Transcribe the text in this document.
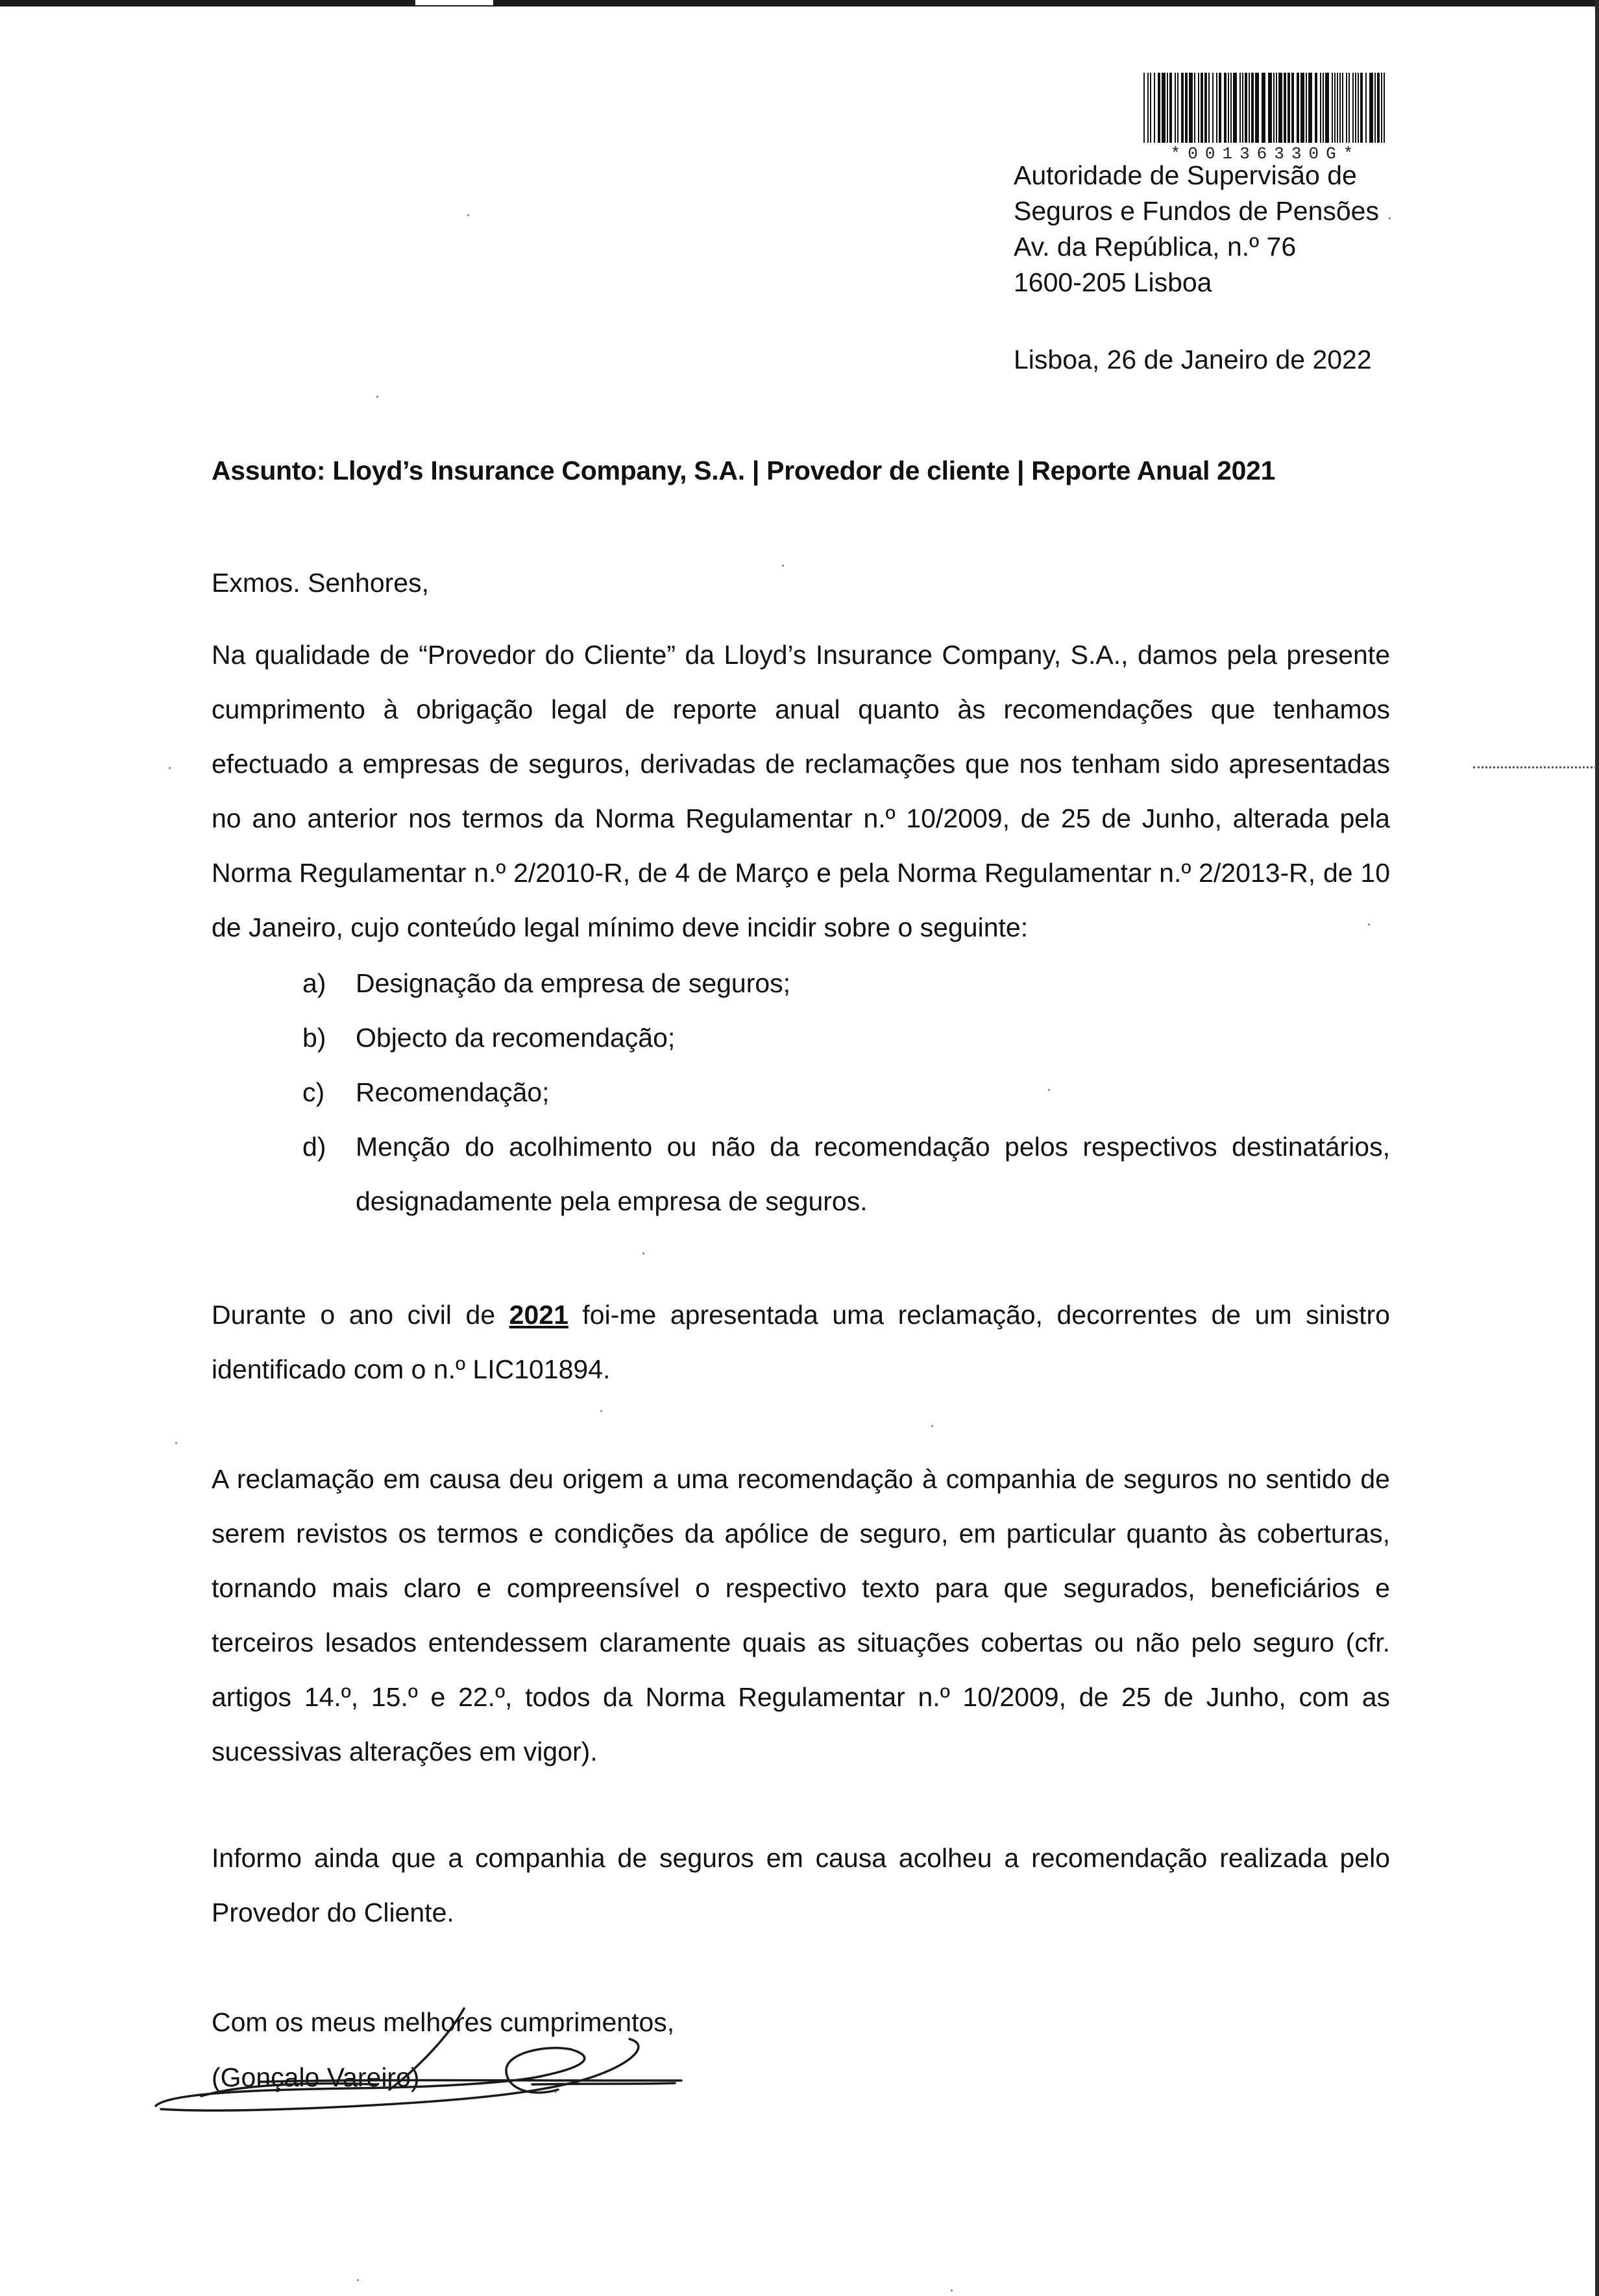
*00136330G*
Autoridade de Supervisão de
Seguros e Fundos de Pensões
Av. da República, n.º 76
1600-205 Lisboa
Lisboa, 26 de Janeiro de 2022
Assunto: Lloyd’s Insurance Company, S.A. | Provedor de cliente | Reporte Anual 2021
Exmos. Senhores,
Na qualidade de “Provedor do Cliente” da Lloyd’s Insurance Company, S.A., damos pela presente cumprimento à obrigação legal de reporte anual quanto às recomendações que tenhamos efectuado a empresas de seguros, derivadas de reclamações que nos tenham sido apresentadas no ano anterior nos termos da Norma Regulamentar n.º 10/2009, de 25 de Junho, alterada pela Norma Regulamentar n.º 2/2010-R, de 4 de Março e pela Norma Regulamentar n.º 2/2013-R, de 10 de Janeiro, cujo conteúdo legal mínimo deve incidir sobre o seguinte:
a) Designação da empresa de seguros;
b) Objecto da recomendação;
c) Recomendação;
d) Menção do acolhimento ou não da recomendação pelos respectivos destinatários, designadamente pela empresa de seguros.
Durante o ano civil de 2021 foi-me apresentada uma reclamação, decorrentes de um sinistro identificado com o n.º LIC101894.
A reclamação em causa deu origem a uma recomendação à companhia de seguros no sentido de serem revistos os termos e condições da apólice de seguro, em particular quanto às coberturas, tornando mais claro e compreensível o respectivo texto para que segurados, beneficiários e terceiros lesados entendessem claramente quais as situações cobertas ou não pelo seguro (cfr. artigos 14.º, 15.º e 22.º, todos da Norma Regulamentar n.º 10/2009, de 25 de Junho, com as sucessivas alterações em vigor).
Informo ainda que a companhia de seguros em causa acolheu a recomendação realizada pelo Provedor do Cliente.
Com os meus melhores cumprimentos,
(Gonçalo Vareiro)
